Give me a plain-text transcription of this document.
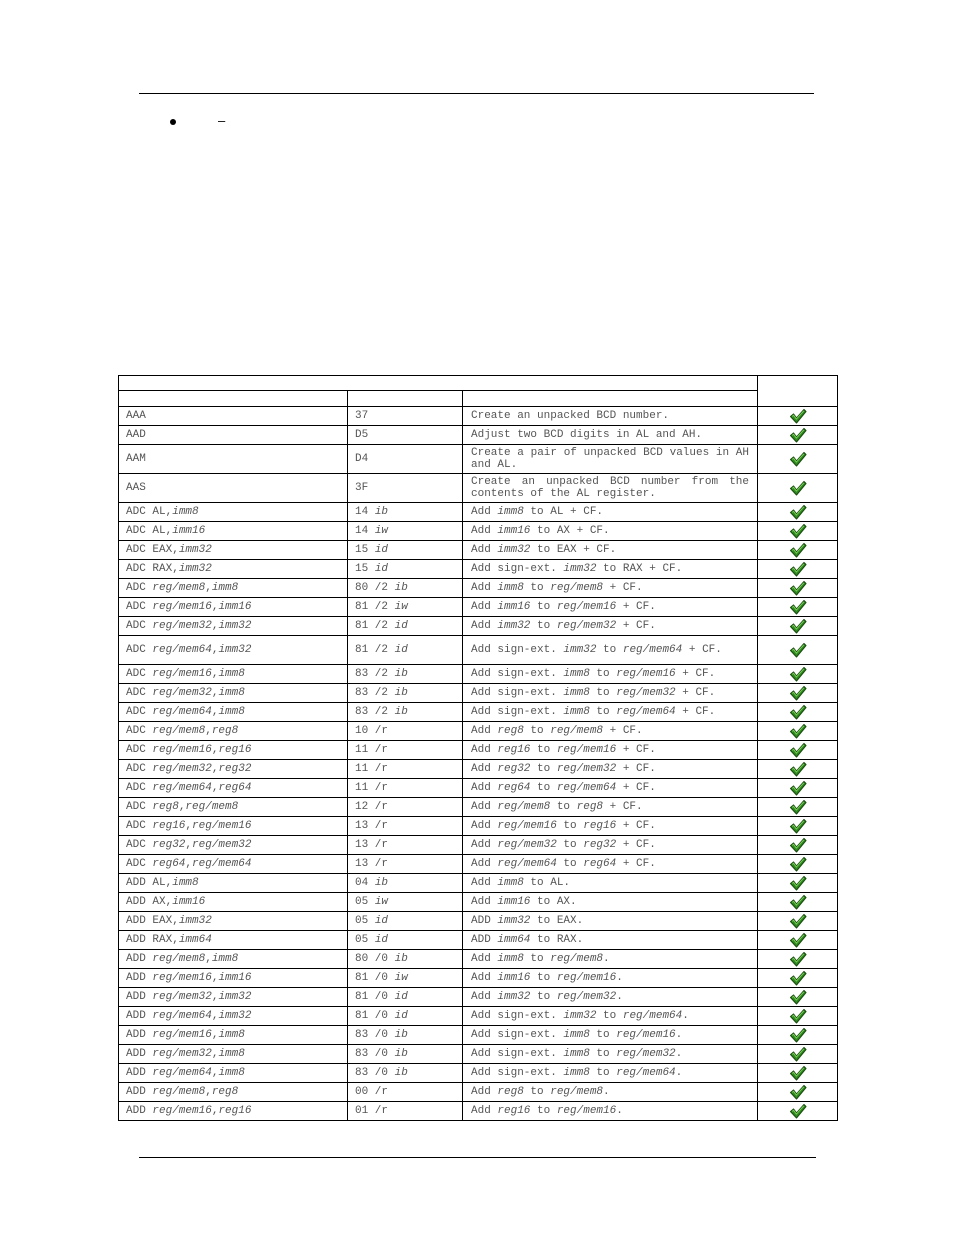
–

AAA	37	Create an unpacked BCD number.	

AAD	D5	Adjust two BCD digits in AL and AH.	

AAM	D4	Create a pair of unpacked BCD values in AH and AL.	

AAS	3F	Create an unpacked BCD number from the contents of the AL register.	

ADC AL,imm8	14 ib	Add imm8 to AL + CF.	

ADC AL,imm16	14 iw	Add imm16 to AX + CF.	

ADC EAX,imm32	15 id	Add imm32 to EAX + CF.	

ADC RAX,imm32	15 id	Add sign-ext. imm32 to RAX + CF.	

ADC reg/mem8,imm8	80 /2 ib	Add imm8 to reg/mem8 + CF.	

ADC reg/mem16,imm16	81 /2 iw	Add imm16 to reg/mem16 + CF.	

ADC reg/mem32,imm32	81 /2 id	Add imm32 to reg/mem32 + CF.	

ADC reg/mem64,imm32	81 /2 id	Add sign-ext. imm32 to reg/mem64 + CF.	

ADC reg/mem16,imm8	83 /2 ib	Add sign-ext. imm8 to reg/mem16 + CF.	

ADC reg/mem32,imm8	83 /2 ib	Add sign-ext. imm8 to reg/mem32 + CF.	

ADC reg/mem64,imm8	83 /2 ib	Add sign-ext. imm8 to reg/mem64 + CF.	

ADC reg/mem8,reg8	10 /r	Add reg8 to reg/mem8 + CF.	

ADC reg/mem16,reg16	11 /r	Add reg16 to reg/mem16 + CF.	

ADC reg/mem32,reg32	11 /r	Add reg32 to reg/mem32 + CF.	

ADC reg/mem64,reg64	11 /r	Add reg64 to reg/mem64 + CF.	

ADC reg8,reg/mem8	12 /r	Add reg/mem8 to reg8 + CF.	

ADC reg16,reg/mem16	13 /r	Add reg/mem16 to reg16 + CF.	

ADC reg32,reg/mem32	13 /r	Add reg/mem32 to reg32 + CF.	

ADC reg64,reg/mem64	13 /r	Add reg/mem64 to reg64 + CF.	

ADD AL,imm8	04 ib	Add imm8 to AL.	

ADD AX,imm16	05 iw	Add imm16 to AX.	

ADD EAX,imm32	05 id	ADD imm32 to EAX.	

ADD RAX,imm64	05 id	ADD imm64 to RAX.	

ADD reg/mem8,imm8	80 /0 ib	Add imm8 to reg/mem8.	

ADD reg/mem16,imm16	81 /0 iw	Add imm16 to reg/mem16.	

ADD reg/mem32,imm32	81 /0 id	Add imm32 to reg/mem32.	

ADD reg/mem64,imm32	81 /0 id	Add sign-ext. imm32 to reg/mem64.	

ADD reg/mem16,imm8	83 /0 ib	Add sign-ext. imm8 to reg/mem16.	

ADD reg/mem32,imm8	83 /0 ib	Add sign-ext. imm8 to reg/mem32.	

ADD reg/mem64,imm8	83 /0 ib	Add sign-ext. imm8 to reg/mem64.	

ADD reg/mem8,reg8	00 /r	Add reg8 to reg/mem8.	

ADD reg/mem16,reg16	01 /r	Add reg16 to reg/mem16.	
